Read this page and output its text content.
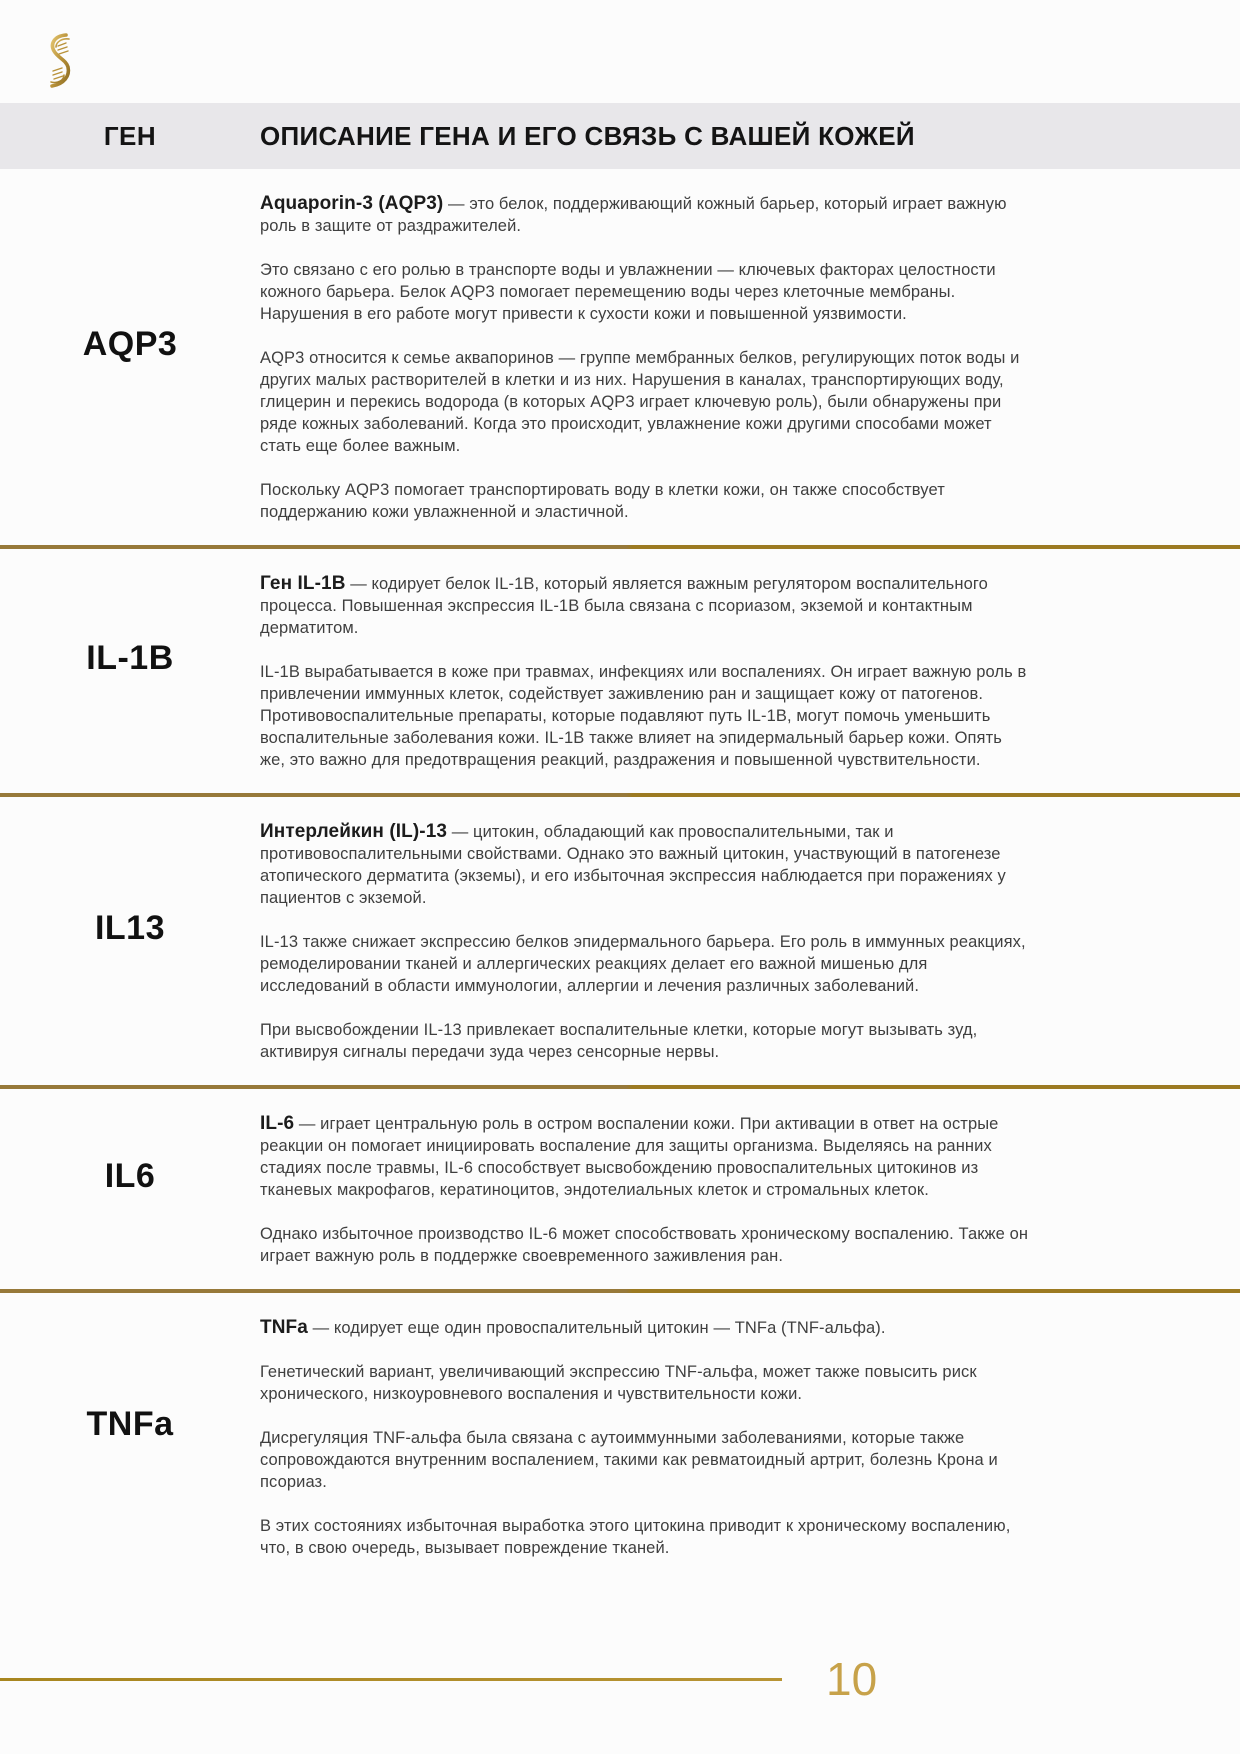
ГЕН	ОПИСАНИЕ ГЕНА И ЕГО СВЯЗЬ С ВАШЕЙ КОЖЕЙ
AQP3

Aquaporin-3 (AQP3) — это белок, поддерживающий кожный барьер, который играет важную роль в защите от раздражителей.

Это связано с его ролью в транспорте воды и увлажнении — ключевых факторах целостности кожного барьера. Белок AQP3 помогает перемещению воды через клеточные мембраны. Нарушения в его работе могут привести к сухости кожи и повышенной уязвимости.

AQP3 относится к семье аквапоринов — группе мембранных белков, регулирующих поток воды и других малых растворителей в клетки и из них. Нарушения в каналах, транспортирующих воду, глицерин и перекись водорода (в которых AQP3 играет ключевую роль), были обнаружены при ряде кожных заболеваний. Когда это происходит, увлажнение кожи другими способами может стать еще более важным.

Поскольку AQP3 помогает транспортировать воду в клетки кожи, он также способствует поддержанию кожи увлажненной и эластичной.

IL-1B

Ген IL-1B — кодирует белок IL-1B, который является важным регулятором воспалительного процесса. Повышенная экспрессия IL-1B была связана с псориазом, экземой и контактным дерматитом.

IL-1B вырабатывается в коже при травмах, инфекциях или воспалениях. Он играет важную роль в привлечении иммунных клеток, содействует заживлению ран и защищает кожу от патогенов. Противовоспалительные препараты, которые подавляют путь IL-1B, могут помочь уменьшить воспалительные заболевания кожи. IL-1B также влияет на эпидермальный барьер кожи. Опять же, это важно для предотвращения реакций, раздражения и повышенной чувствительности.

IL13

Интерлейкин (IL)-13 — цитокин, обладающий как провоспалительными, так и противовоспалительными свойствами. Однако это важный цитокин, участвующий в патогенезе атопического дерматита (экземы), и его избыточная экспрессия наблюдается при поражениях у пациентов с экземой.

IL-13 также снижает экспрессию белков эпидермального барьера. Его роль в иммунных реакциях, ремоделировании тканей и аллергических реакциях делает его важной мишенью для исследований в области иммунологии, аллергии и лечения различных заболеваний.

При высвобождении IL-13 привлекает воспалительные клетки, которые могут вызывать зуд, активируя сигналы передачи зуда через сенсорные нервы.

IL6

IL-6 — играет центральную роль в остром воспалении кожи. При активации в ответ на острые реакции он помогает инициировать воспаление для защиты организма. Выделяясь на ранних стадиях после травмы, IL-6 способствует высвобождению провоспалительных цитокинов из тканевых макрофагов, кератиноцитов, эндотелиальных клеток и стромальных клеток.

Однако избыточное производство IL-6 может способствовать хроническому воспалению. Также он играет важную роль в поддержке своевременного заживления ран.

TNFa

TNFa — кодирует еще один провоспалительный цитокин — TNFa (TNF-альфа).

Генетический вариант, увеличивающий экспрессию TNF-альфа, может также повысить риск хронического, низкоуровневого воспаления и чувствительности кожи.

Дисрегуляция TNF-альфа была связана с аутоиммунными заболеваниями, которые также сопровождаются внутренним воспалением, такими как ревматоидный артрит, болезнь Крона и псориаз.

В этих состояниях избыточная выработка этого цитокина приводит к хроническому воспалению, что, в свою очередь, вызывает повреждение тканей.

10
